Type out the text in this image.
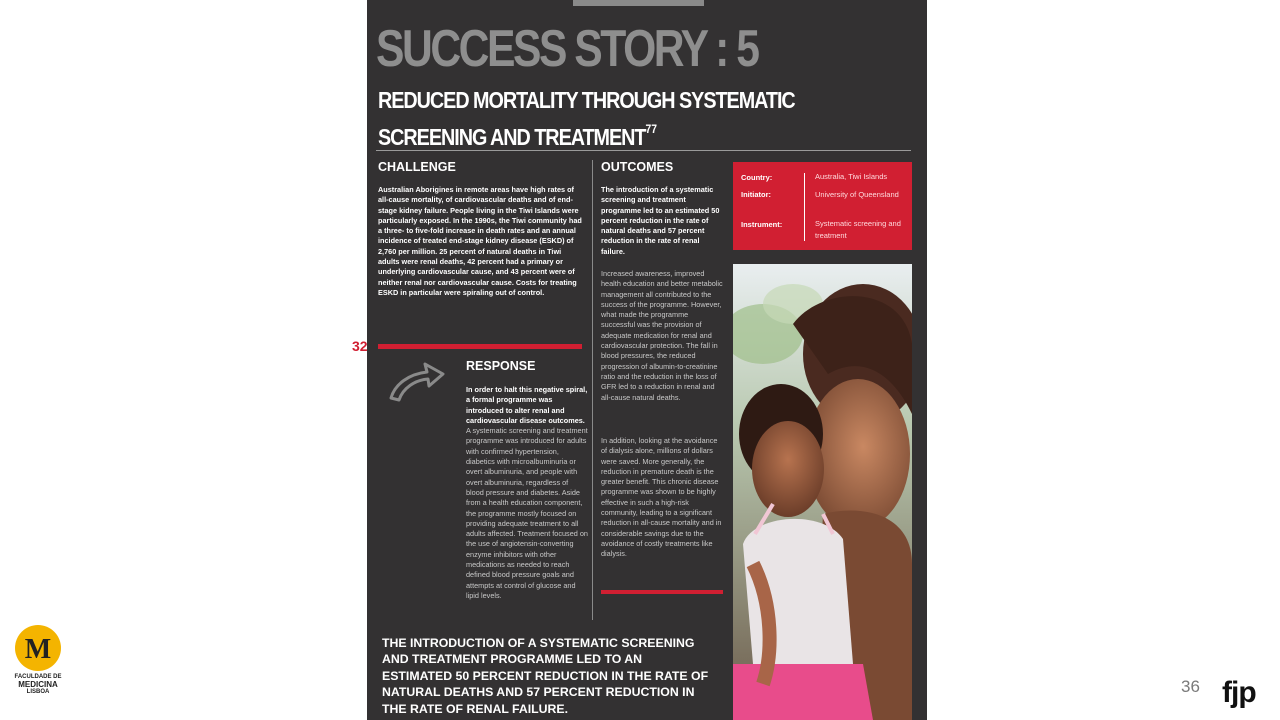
SUCCESS STORY : 5
REDUCED MORTALITY THROUGH SYSTEMATIC SCREENING AND TREATMENT$^{77}$
CHALLENGE

Australian Aborigines in remote areas have high rates of all-cause mortality, of cardiovascular deaths and of end-stage kidney failure. People living in the Tiwi Islands were particularly exposed. In the 1990s, the Tiwi community had a three- to five-fold increase in death rates and an annual incidence of treated end-stage kidney disease (ESKD) of 2,760 per million. 25 percent of natural deaths in Tiwi adults were renal deaths, 42 percent had a primary or underlying cardiovascular cause, and 43 percent were of neither renal nor cardiovascular cause. Costs for treating ESKD in particular were spiraling out of control.

RESPONSE

In order to halt this negative spiral, a formal programme was introduced to alter renal and cardiovascular disease outcomes. A systematic screening and treatment programme was introduced for adults with confirmed hypertension, diabetics with microalbuminuria or overt albuminuria, and people with overt albuminuria, regardless of blood pressure and diabetes. Aside from a health education component, the programme mostly focused on providing adequate treatment to all adults affected. Treatment focused on the use of angiotensin-converting enzyme inhibitors with other medications as needed to reach defined blood pressure goals and attempts at control of glucose and lipid levels.

OUTCOMES

The introduction of a systematic screening and treatment programme led to an estimated 50 percent reduction in the rate of natural deaths and 57 percent reduction in the rate of renal failure.

Increased awareness, improved health education and better metabolic management all contributed to the success of the programme. However, what made the programme successful was the provision of adequate medication for renal and cardiovascular protection. The fall in blood pressures, the reduced progression of albumin-to-creatinine ratio and the reduction in the loss of GFR led to a reduction in renal and all-cause natural deaths.

In addition, looking at the avoidance of dialysis alone, millions of dollars were saved. More generally, the reduction in premature death is the greater benefit. This chronic disease programme was shown to be highly effective in such a high-risk community, leading to a significant reduction in all-cause mortality and in considerable savings due to the avoidance of costly treatments like dialysis.

Country:	Australia, Tiwi Islands

Initiator:	University of Queensland

Instrument:	Systematic screening and treatment

THE INTRODUCTION OF A SYSTEMATIC SCREENING AND TREATMENT PROGRAMME LED TO AN ESTIMATED 50 PERCENT REDUCTION IN THE RATE OF NATURAL DEATHS AND 57 PERCENT REDUCTION IN THE RATE OF RENAL FAILURE.

32
M

FACULDADE DE

MEDICINA

LISBOA	36 fjp
